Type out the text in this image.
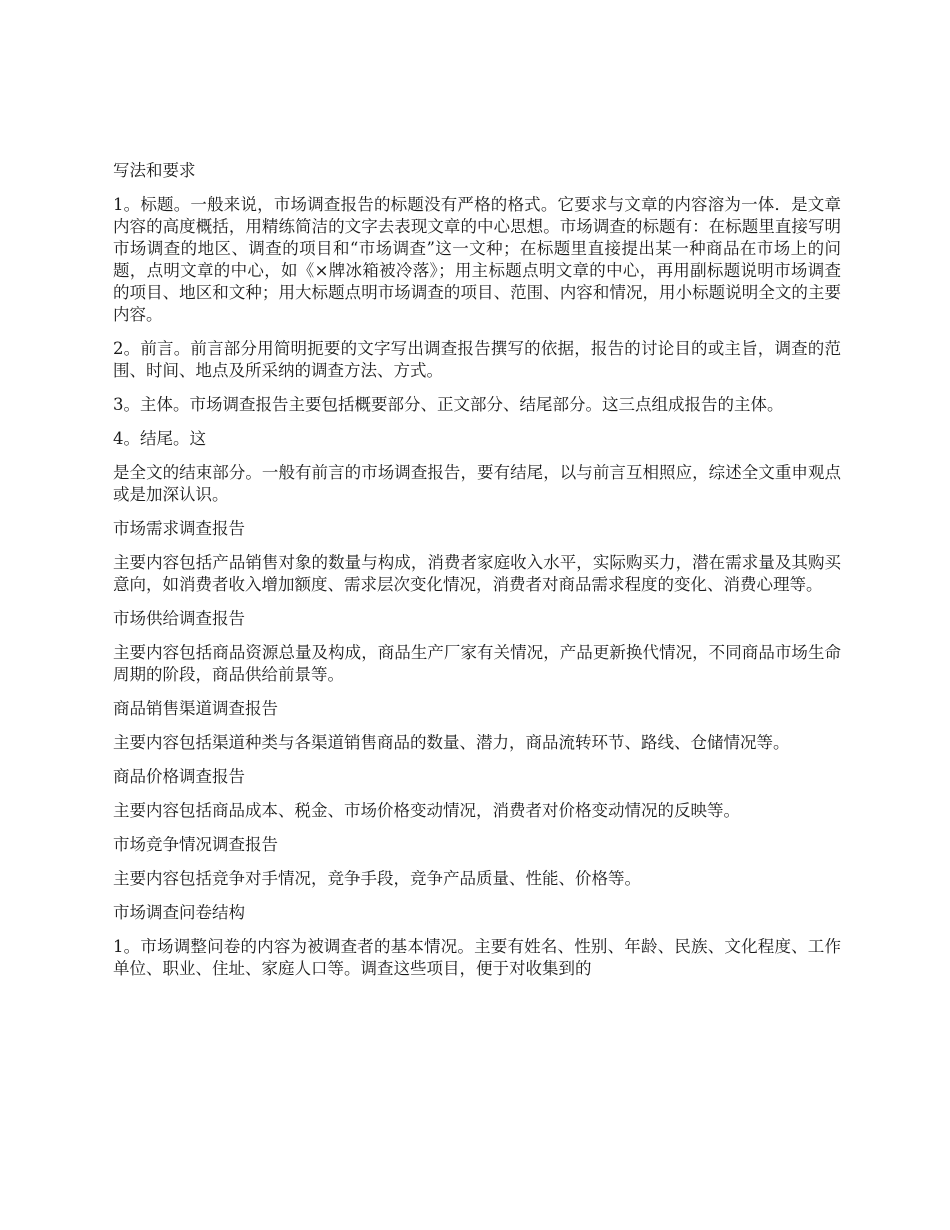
写法和要求

1。标题。一般来说，市场调查报告的标题没有严格的格式。它要求与文章的内容溶为一体．是文章内容的高度概括，用精练简洁的文字去表现文章的中心思想。市场调查的标题有：在标题里直接写明市场调查的地区、调查的项目和“市场调查”这一文种；在标题里直接提出某一种商品在市场上的问题，点明文章的中心，如《×牌冰箱被冷落》；用主标题点明文章的中心，再用副标题说明市场调查的项目、地区和文种；用大标题点明市场调查的项目、范围、内容和情况，用小标题说明全文的主要内容。

2。前言。前言部分用简明扼要的文字写出调查报告撰写的依据，报告的讨论目的或主旨，调查的范围、时间、地点及所采纳的调查方法、方式。

3。主体。市场调查报告主要包括概要部分、正文部分、结尾部分。这三点组成报告的主体。

4。结尾。这

是全文的结束部分。一般有前言的市场调查报告，要有结尾，以与前言互相照应，综述全文重申观点或是加深认识。

市场需求调查报告

主要内容包括产品销售对象的数量与构成，消费者家庭收入水平，实际购买力，潜在需求量及其购买意向，如消费者收入增加额度、需求层次变化情况，消费者对商品需求程度的变化、消费心理等。

市场供给调查报告

主要内容包括商品资源总量及构成，商品生产厂家有关情况，产品更新换代情况，不同商品市场生命周期的阶段，商品供给前景等。

商品销售渠道调查报告

主要内容包括渠道种类与各渠道销售商品的数量、潜力，商品流转环节、路线、仓储情况等。

商品价格调查报告

主要内容包括商品成本、税金、市场价格变动情况，消费者对价格变动情况的反映等。

市场竞争情况调查报告

主要内容包括竞争对手情况，竞争手段，竞争产品质量、性能、价格等。

市场调查问卷结构

1。市场调整问卷的内容为被调查者的基本情况。主要有姓名、性别、年龄、民族、文化程度、工作单位、职业、住址、家庭人口等。调查这些项目，便于对收集到的
